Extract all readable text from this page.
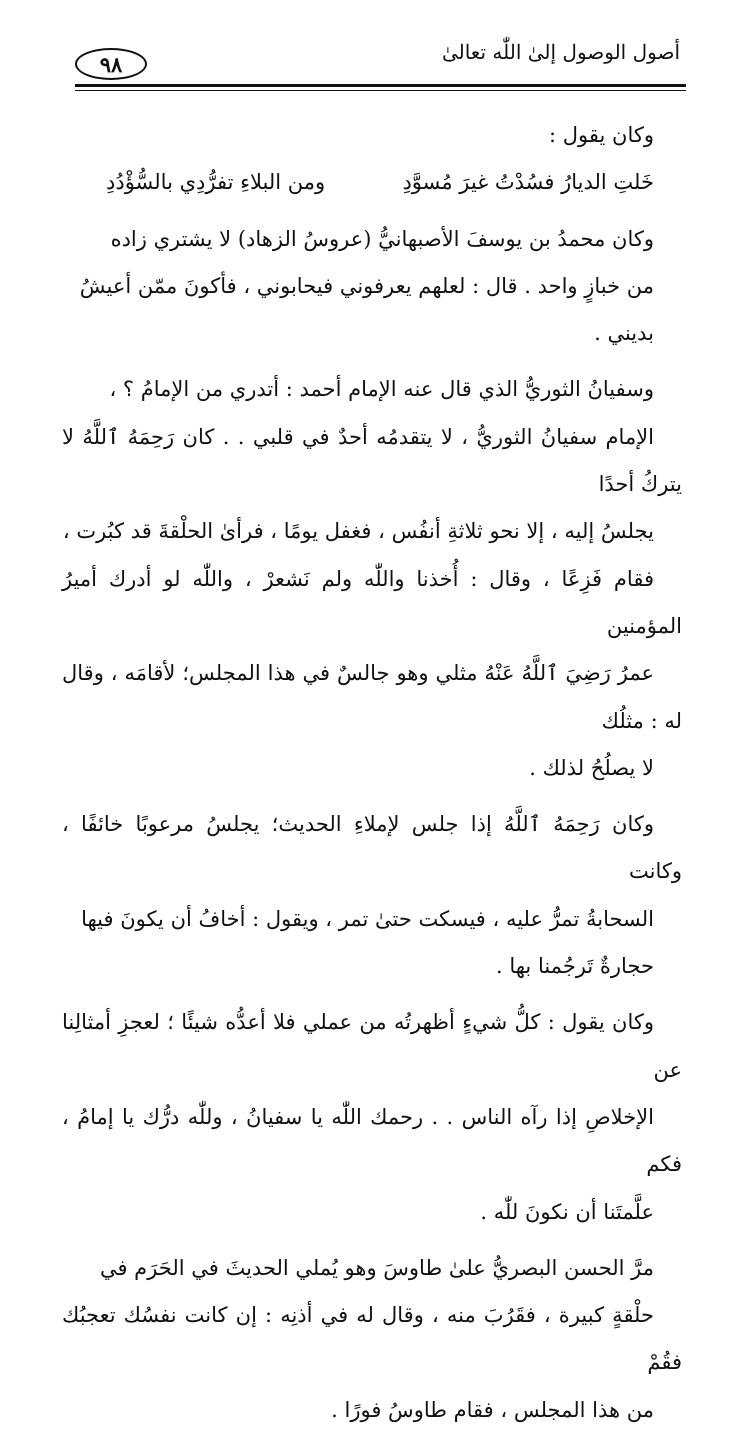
٩٨	أصول الوصول إلىٰ اللّٰه تعالىٰ

وكان يقول :

خَلتِ الديارُ فسُدْتُ غيرَ مُسوَّدِ
ومن البلاءِ تفرُّدِي بالسُّؤْدُدِ

وكان محمدُ بن يوسفَ الأصبهانيُّ (عروسُ الزهاد) لا يشتري زاده
من خبازٍ واحد . قال : لعلهم يعرفوني فيحابوني ، فأكونَ ممّن أعيشُ
بديني .

وسفيانُ الثوريُّ الذي قال عنه الإمام أحمد : أتدري من الإمامُ ؟ ،
الإمام سفيانُ الثوريُّ ، لا يتقدمُه أحدٌ في قلبي . . كان رَحِمَهُ ٱللَّهُ لا يتركُ أحدًا
يجلسُ إليه ، إلا نحو ثلاثةِ أنفُس ، فغفل يومًا ، فرأىٰ الحلْقةَ قد كبُرت ،
فقام فَزِعًا ، وقال : أُخذنا واللّٰه ولم نَشعرْ ، واللّٰه لو أدرك أميرُ المؤمنين
عمرُ رَضِيَ ٱللَّهُ عَنْهُ مثلي وهو جالسٌ في هذا المجلس؛ لأقامَه ، وقال له : مثلُك
لا يصلُحُ لذلك .

وكان رَحِمَهُ ٱللَّهُ إذا جلس لإملاءِ الحديث؛ يجلسُ مرعوبًا خائفًا ، وكانت
السحابةُ تمرُّ عليه ، فيسكت حتىٰ تمر ، ويقول : أخافُ أن يكونَ فيها
حجارةٌ تَرجُمنا بها .

وكان يقول : كلُّ شيءٍ أظهرتُه من عملي فلا أعدُّه شيئًا ؛ لعجزِ أمثالِنا عن
الإخلاصِ إذا رآه الناس . . رحمك اللّٰه يا سفيانُ ، وللّٰه درُّك يا إمامُ ، فكم
علَّمتَنا أن نكونَ للّٰه .

مرَّ الحسن البصريُّ علىٰ طاوسَ وهو يُملي الحديثَ في الحَرَم في
حلْقةٍ كبيرة ، فقَرُبَ منه ، وقال له في أذنِه : إن كانت نفسُك تعجبُك فقُمْ
من هذا المجلس ، فقام طاوسُ فورًا .
